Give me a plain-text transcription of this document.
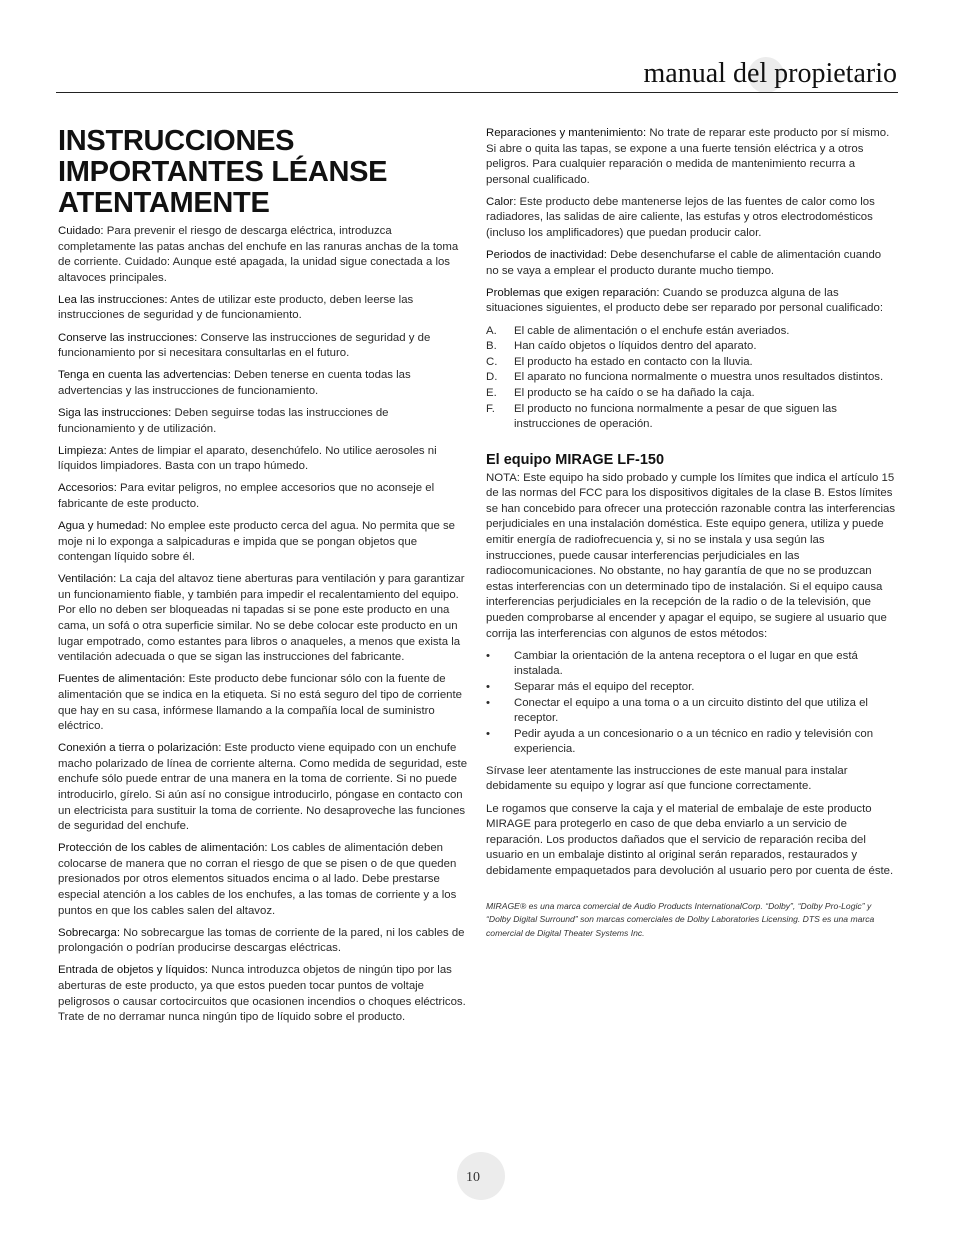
manual del propietario
INSTRUCCIONES
IMPORTANTES LÉANSE
ATENTAMENTE

Cuidado: Para prevenir el riesgo de descarga eléctrica, introduzca completamente las patas anchas del enchufe en las ranuras anchas de la toma de corriente. Cuidado: Aunque esté apagada, la unidad sigue conectada a los altavoces principales.

Lea las instrucciones: Antes de utilizar este producto, deben leerse las instrucciones de seguridad y de funcionamiento.

Conserve las instrucciones: Conserve las instrucciones de seguridad y de funcionamiento por si necesitara consultarlas en el futuro.

Tenga en cuenta las advertencias: Deben tenerse en cuenta todas las advertencias y las instrucciones de funcionamiento.

Siga las instrucciones: Deben seguirse todas las instrucciones de funcionamiento y de utilización.

Limpieza: Antes de limpiar el aparato, desenchúfelo. No utilice aerosoles ni líquidos limpiadores. Basta con un trapo húmedo.

Accesorios: Para evitar peligros, no emplee accesorios que no aconseje el fabricante de este producto.

Agua y humedad: No emplee este producto cerca del agua. No permita que se moje ni lo exponga a salpicaduras e impida que se pongan objetos que contengan líquido sobre él.

Ventilación: La caja del altavoz tiene aberturas para ventilación y para garantizar un funcionamiento fiable, y también para impedir el recalentamiento del equipo. Por ello no deben ser bloqueadas ni tapadas si se pone este producto en una cama, un sofá o otra superficie similar. No se debe colocar este producto en un lugar empotrado, como estantes para libros o anaqueles, a menos que exista la ventilación adecuada o que se sigan las instrucciones del fabricante.

Fuentes de alimentación: Este producto debe funcionar sólo con la fuente de alimentación que se indica en la etiqueta. Si no está seguro del tipo de corriente que hay en su casa, infórmese llamando a la compañía local de suministro eléctrico.

Conexión a tierra o polarización: Este producto viene equipado con un enchufe macho polarizado de línea de corriente alterna. Como medida de seguridad, este enchufe sólo puede entrar de una manera en la toma de corriente. Si no puede introducirlo, gírelo. Si aún así no consigue introducirlo, póngase en contacto con un electricista para sustituir la toma de corriente. No desaproveche las funciones de seguridad del enchufe.

Protección de los cables de alimentación: Los cables de alimentación deben colocarse de manera que no corran el riesgo de que se pisen o de que queden presionados por otros elementos situados encima o al lado. Debe prestarse especial atención a los cables de los enchufes, a las tomas de corriente y a los puntos en que los cables salen del altavoz.

Sobrecarga: No sobrecargue las tomas de corriente de la pared, ni los cables de prolongación o podrían producirse descargas eléctricas.

Entrada de objetos y líquidos: Nunca introduzca objetos de ningún tipo por las aberturas de este producto, ya que estos pueden tocar puntos de voltaje peligrosos o causar cortocircuitos que ocasionen incendios o choques eléctricos. Trate de no derramar nunca ningún tipo de líquido sobre el producto.

Reparaciones y mantenimiento: No trate de reparar este producto por sí mismo. Si abre o quita las tapas, se expone a una fuerte tensión eléctrica y a otros peligros. Para cualquier reparación o medida de mantenimiento recurra a personal cualificado.

Calor: Este producto debe mantenerse lejos de las fuentes de calor como los radiadores, las salidas de aire caliente, las estufas y otros electrodomésticos (incluso los amplificadores) que puedan producir calor.

Periodos de inactividad: Debe desenchufarse el cable de alimentación cuando no se vaya a emplear el producto durante mucho tiempo.

Problemas que exigen reparación: Cuando se produzca alguna de las situaciones siguientes, el producto debe ser reparado por personal cualificado:

A. El cable de alimentación o el enchufe están averiados.
B. Han caído objetos o líquidos dentro del aparato.
C. El producto ha estado en contacto con la lluvia.
D. El aparato no funciona normalmente o muestra unos resultados distintos.
E. El producto se ha caído o se ha dañado la caja.
F. El producto no funciona normalmente a pesar de que siguen las instrucciones de operación.
El equipo MIRAGE LF-150

NOTA: Este equipo ha sido probado y cumple los límites que indica el artículo 15 de las normas del FCC para los dispositivos digitales de la clase B. Estos límites se han concebido para ofrecer una protección razonable contra las interferencias perjudiciales en una instalación doméstica. Este equipo genera, utiliza y puede emitir energía de radiofrecuencia y, si no se instala y usa según las instrucciones, puede causar interferencias perjudiciales en las radiocomunicaciones. No obstante, no hay garantía de que no se produzcan estas interferencias con un determinado tipo de instalación. Si el equipo causa interferencias perjudiciales en la recepción de la radio o de la televisión, que pueden comprobarse al encender y apagar el equipo, se sugiere al usuario que corrija las interferencias con algunos de estos métodos:

• Cambiar la orientación de la antena receptora o el lugar en que está instalada.
• Separar más el equipo del receptor.
• Conectar el equipo a una toma o a un circuito distinto del que utiliza el receptor.
• Pedir ayuda a un concesionario o a un técnico en radio y televisión con experiencia.

Sírvase leer atentamente las instrucciones de este manual para instalar debidamente su equipo y lograr así que funcione correctamente.

Le rogamos que conserve la caja y el material de embalaje de este producto MIRAGE para protegerlo en caso de que deba enviarlo a un servicio de reparación. Los productos dañados que el servicio de reparación reciba del usuario en un embalaje distinto al original serán reparados, restaurados y debidamente empaquetados para devolución al usuario pero por cuenta de éste.

MIRAGE® es una marca comercial de Audio Products InternationalCorp. “Dolby”, “Dolby Pro-Logic” y “Dolby Digital Surround” son marcas comerciales de Dolby Laboratories Licensing. DTS es una marca comercial de Digital Theater Systems Inc.
10
